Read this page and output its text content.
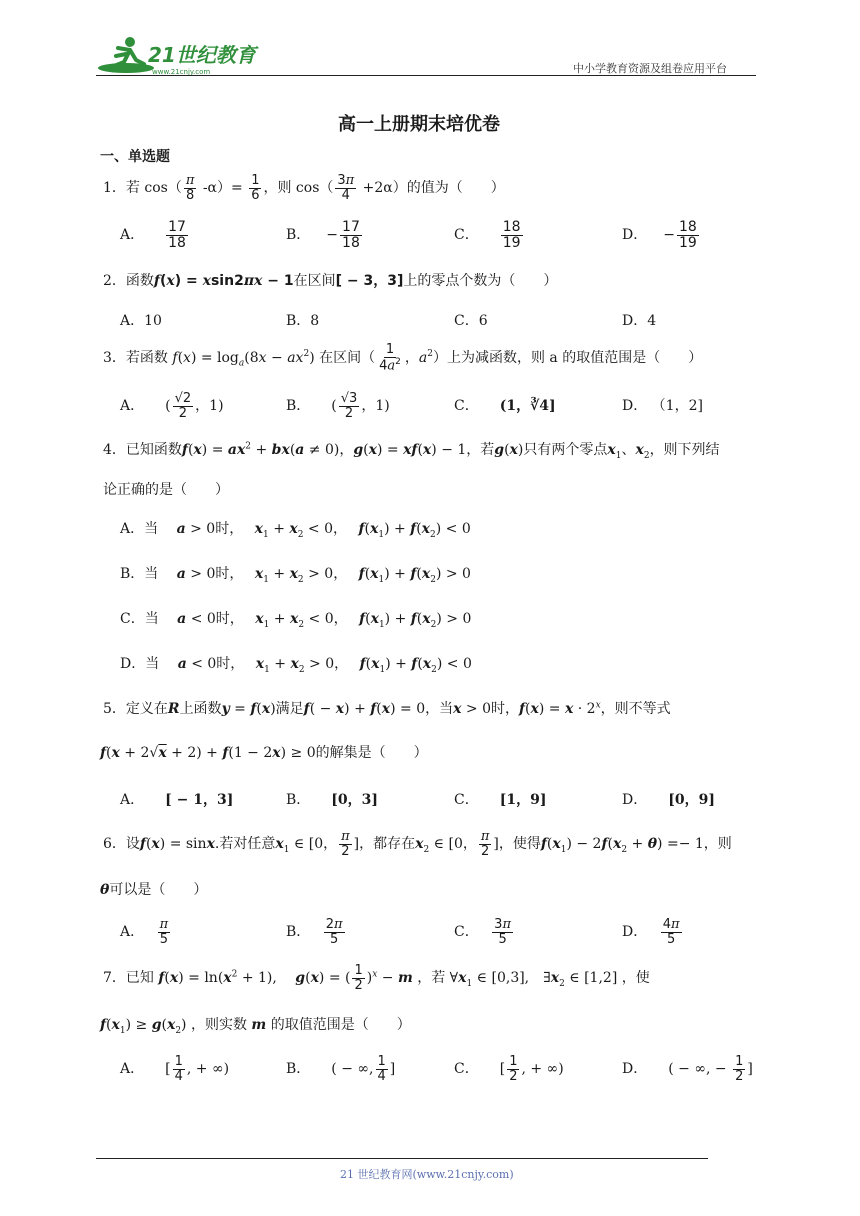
21世纪教育
www.21cnjy.com	中小学教育资源及组卷应用平台
高一上册期末培优卷
一、单选题
1．若 $\cos( \frac{\pi}{8} -\alpha)= \frac{1}{6}$ ，则 $\cos( \frac{3\pi}{4} +2\alpha)$的值为（　　）
A． $\frac{17}{18}$	B． − $\frac{17}{18}$	C． $\frac{18}{19}$	D． − $\frac{18}{19}$
2．函数f(x) = xsin2πx − 1在区间[ − 3，3]上的零点个数为（　　）
A．10	B．8	C．6	D．4
3．若函数 $f(x) = \log_a(8x - ax^2)$ 在区间（ $\frac{1}{4a^2}$ ，$a^2$）上为减函数，则 a 的取值范围是（　　）
A．　　( $\frac{√2}{2}$ ，1)	B．　　( $\frac{√3}{2}$ ，1)	C．　　 (1，∛4]	D． （1，2]
4．已知函数$f(x) = ax^2 + bx(a \ne 0)$，g(x) = xf(x) − 1，若g(x)只有两个零点$x_1$、$x_2$，则下列结
论正确的是（　　）
A．当　 a > 0时，　 $x_1 + x_2 < 0$，　 $f(x_1) + f(x_2) < 0$
B．当　 a > 0时，　 $x_1 + x_2 > 0$，　 $f(x_1) + f(x_2) > 0$
C．当　 a < 0时，　 $x_1 + x_2 < 0$，　 $f(x_1) + f(x_2) > 0$
D．当　 a < 0时，　 $x_1 + x_2 > 0$，　 $f(x_1) + f(x_2) < 0$
5．定义在R上函数y = f(x)满足f( − x) + f(x) = 0，当x > 0时，$f(x) = x \cdot 2^x$，则不等式
f(x + 2√x + 2) + f(1 − 2x) ≥ 0的解集是（　　）
A．　　 [ − 1，3]	B．　　 [0，3]	C．　　 [1，9]	D．　　 [0，9]
6．设f(x) = sinx.若对任意$x_1$ ∈ [0， $\frac{\pi}{2}$ ]，都存在$x_2$ ∈ [0， $\frac{\pi}{2}$ ]，使得$f(x_1) - 2f(x_2 + \theta) =- 1$，则
θ可以是（　　）
A．　 $\frac{\pi}{5}$	B．　 $\frac{2\pi}{5}$	C．　 $\frac{3\pi}{5}$	D．　 $\frac{4\pi}{5}$
7．已知 $f(x) = \ln(x^2 + 1)$,　 g(x) = ( $\frac{1}{2} )^x - m$ ，若 $\forall x_1$ ∈ [0,3],　$\exists x_2$ ∈ [1,2] ，使
$f(x_1) \ge g(x_2)$ ，则实数 m 的取值范围是（　　）
A．　　[ $\frac{1}{4}$ , + ∞)	B．　　( − ∞, $\frac{1}{4}$ ]	C．　　[ $\frac{1}{2}$ , + ∞)	D．　　( − ∞, − $\frac{1}{2}$ ]
21 世纪教育网(www.21cnjy.com)
